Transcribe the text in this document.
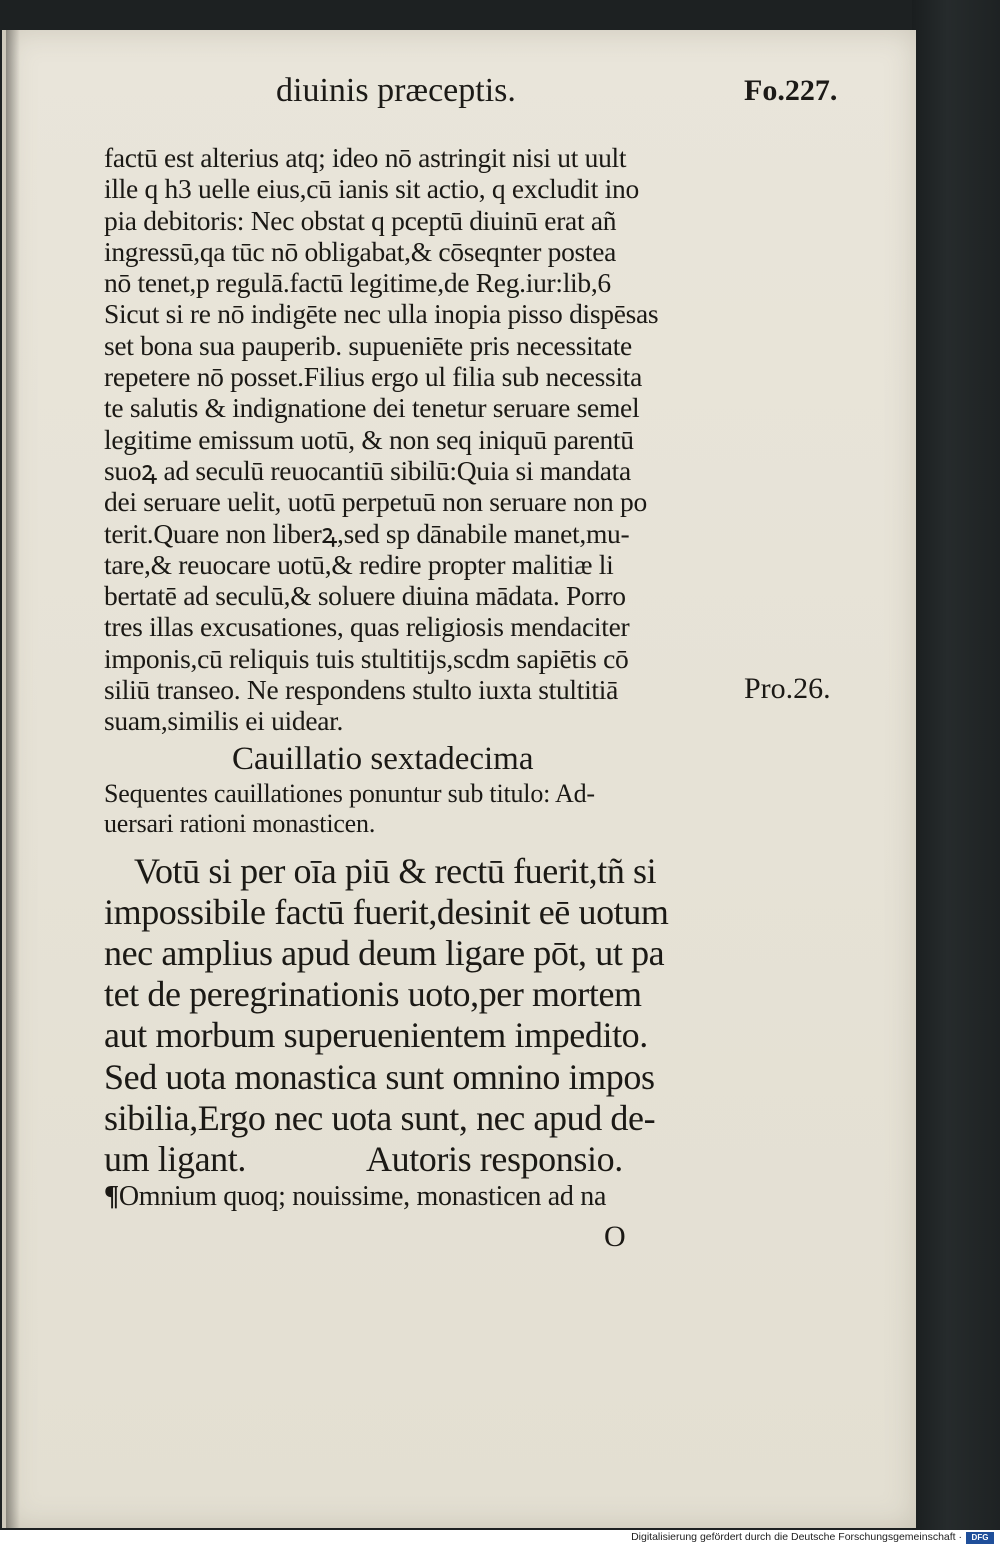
diuinis præceptis.	Fo.227.
factū est alterius atq; ideo nō astringit nisi ut uult
ille q h3 uelle eius,cū ianis sit actio, q excludit ino
pia debitoris: Nec obstat q pceptū diuinū erat añ
ingressū,qa tūc nō obligabat,& cōseqnter postea
nō tenet,p regulā.factū legitime,de Reg.iur:lib,6
Sicut si re nō indigēte nec ulla inopia pisso dispēsas
set bona sua pauperib. supueniēte pris necessitate
repetere nō posset.Filius ergo ul filia sub necessita
te salutis & indignatione dei tenetur seruare semel
legitime emissum uotū, & non seq iniquū parentū
suoꝝ ad seculū reuocantiū sibilū:Quia si mandata
dei seruare uelit, uotū perpetuū non seruare non po
terit.Quare non liberꝝ,sed sp dānabile manet,mu-
tare,& reuocare uotū,& redire propter malitiæ li
bertatē ad seculū,& soluere diuina mādata. Porro
tres illas excusationes, quas religiosis mendaciter
imponis,cū reliquis tuis stultitijs,scdm sapiētis cō
siliū transeo. Ne respondens stulto iuxta stultitiā
suam,similis ei uidear.
Cauillatio sextadecima
Sequentes cauillationes ponuntur sub titulo: Ad-
uersari rationi monasticen.
Votū si per oīa piū & rectū fuerit,tñ si
impossibile factū fuerit,desinit eē uotum
nec amplius apud deum ligare pōt, ut pa
tet de peregrinationis uoto,per mortem
aut morbum superuenientem impedito.
Sed uota monastica sunt omnino impos
sibilia,Ergo nec uota sunt, nec apud de-
um ligant.	Autoris responsio.
¶Omnium quoq; nouissime, monasticen ad na
O
Pro.26.
Digitalisierung gefördert durch die Deutsche Forschungsgemeinschaft ·	DFG
